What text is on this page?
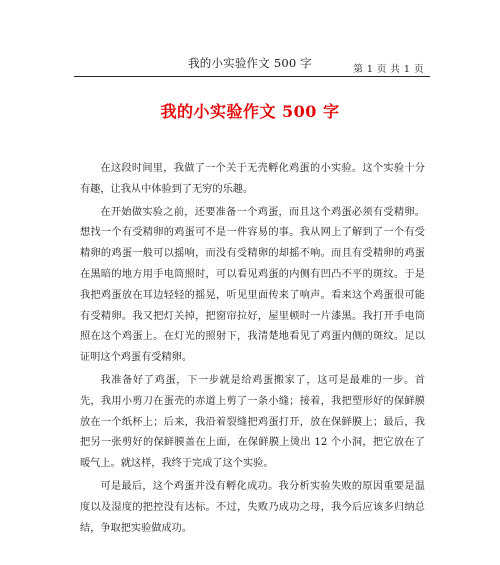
我的小实验作文 500 字	第 1 页 共 1 页
我的小实验作文 500 字

在这段时间里，我做了一个关于无壳孵化鸡蛋的小实验。这个实验十分有趣，让我从中体验到了无穷的乐趣。

在开始做实验之前，还要准备一个鸡蛋，而且这个鸡蛋必须有受精卵。想找一个有受精卵的鸡蛋可不是一件容易的事。我从网上了解到了一个有受精卵的鸡蛋一般可以摇响，而没有受精卵的却摇不响。而且有受精卵的鸡蛋在黑暗的地方用手电筒照时，可以看见鸡蛋的内侧有凹凸不平的斑纹。于是我把鸡蛋放在耳边轻轻的摇晃，听见里面传来了响声。看来这个鸡蛋很可能有受精卵。我又把灯关掉，把窗帘拉好，屋里顿时一片漆黑。我打开手电筒照在这个鸡蛋上。在灯光的照射下，我清楚地看见了鸡蛋内侧的斑纹。足以证明这个鸡蛋有受精卵。

我准备好了鸡蛋，下一步就是给鸡蛋搬家了，这可是最难的一步。首先，我用小剪刀在蛋壳的赤道上剪了一条小缝；接着，我把塑形好的保鲜膜放在一个纸杯上；后来，我沿着裂缝把鸡蛋打开，放在保鲜膜上；最后，我把另一张剪好的保鲜膜盖在上面，在保鲜膜上烫出 12 个小洞，把它放在了暖气上。就这样，我终于完成了这个实验。

可是最后，这个鸡蛋并没有孵化成功。我分析实验失败的原因重要是温度以及湿度的把控没有达标。不过，失败乃成功之母，我今后应该多归纳总结，争取把实验做成功。
